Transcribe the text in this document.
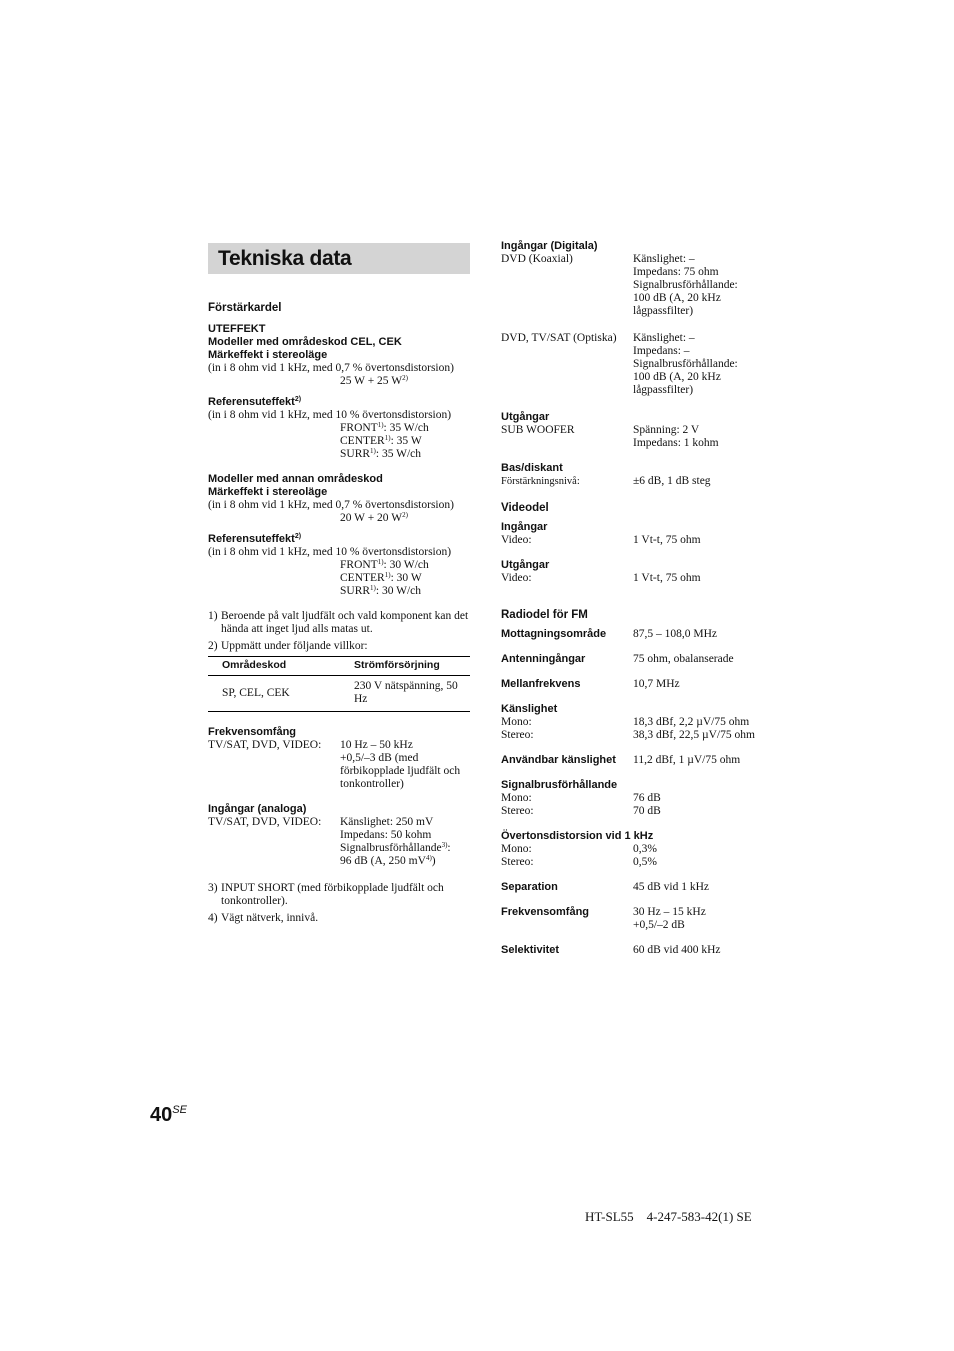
Tekniska data
Förstärkardel
UTEFFEKT
Modeller med områdeskod CEL, CEK
Märkeffekt i stereoläge
(in i 8 ohm vid 1 kHz, med 0,7 % övertonsdistorsion)
25 W + 25 $W^{2)}$
Referensuteffekt$^{2)}$
(in i 8 ohm vid 1 kHz, med 10 % övertonsdistorsion)
FRONT$^{1)}$: 35 W/ch
CENTER$^{1)}$: 35 W
SURR$^{1)}$: 35 W/ch
Modeller med annan områdeskod
Märkeffekt i stereoläge
(in i 8 ohm vid 1 kHz, med 0,7 % övertonsdistorsion)
20 W + 20 $W^{2)}$
Referensuteffekt$^{2)}$
(in i 8 ohm vid 1 kHz, med 10 % övertonsdistorsion)
FRONT$^{1)}$: 30 W/ch
CENTER$^{1)}$: 30 W
SURR$^{1)}$: 30 W/ch
1) Beroende på valt ljudfält och vald komponent kan det hända att inget ljud alls matas ut.
2) Uppmätt under följande villkor:
Områdeskod	Strömförsörjning
SP, CEL, CEK	230 V nätspänning, 50 Hz
Frekvensomfång
TV/SAT, DVD, VIDEO:	10 Hz – 50 kHz
+0,5/–3 dB (med förbikopplade ljudfält och tonkontroller)
Ingångar (analoga)
TV/SAT, DVD, VIDEO:	Känslighet: 250 mV
Impedans: 50 kohm
Signalbrusförhållande$^{3)}$:
96 dB (A, 250 $mV^{4)}$)
3) INPUT SHORT (med förbikopplade ljudfält och tonkontroller).
4) Vägt nätverk, innivå.
Ingångar (Digitala)
DVD (Koaxial)	Känslighet: –
Impedans: 75 ohm
Signalbrusförhållande:
100 dB (A, 20 kHz
lågpassfilter)
DVD, TV/SAT (Optiska)	Känslighet: –
Impedans: –
Signalbrusförhållande:
100 dB (A, 20 kHz
lågpassfilter)
Utgångar
SUB WOOFER	Spänning: 2 V
Impedans: 1 kohm
Bas/diskant
Förstärkningsnivå:	±6 dB, 1 dB steg
Videodel
Ingångar
Video:	1 Vt-t, 75 ohm
Utgångar
Video:	1 Vt-t, 75 ohm
Radiodel för FM
Mottagningsområde	87,5 – 108,0 MHz
Antenningångar	75 ohm, obalanserade
Mellanfrekvens	10,7 MHz
Känslighet
Mono:	18,3 dBf, 2,2 µV/75 ohm
Stereo:	38,3 dBf, 22,5 µV/75 ohm
Användbar känslighet	11,2 dBf, 1 µV/75 ohm
Signalbrusförhållande
Mono:	76 dB
Stereo:	70 dB
Övertonsdistorsion vid 1 kHz
Mono:	0,3%
Stereo:	0,5%
Separation	45 dB vid 1 kHz
Frekvensomfång	30 Hz – 15 kHz
+0,5/–2 dB
Selektivitet	60 dB vid 400 kHz
$40^{SE}$
HT-SL55    4-247-583-42(1) SE
